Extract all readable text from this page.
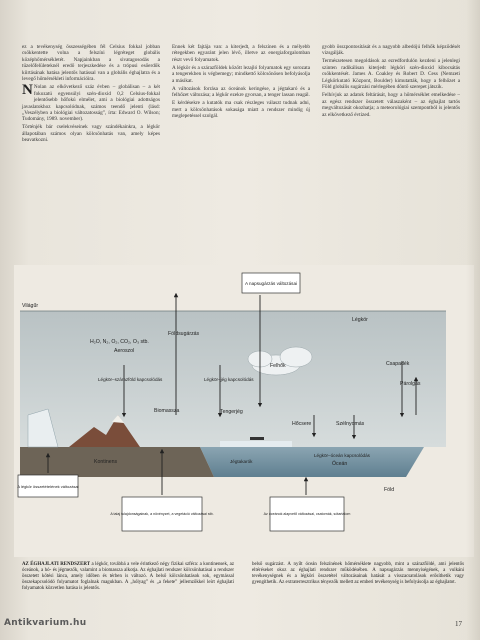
ez a tevékenység összességében fél Celsius fokkal jobban csökkentette volna a felszíni légréteget globális középhőmérsékletét. Napjainkban a sivatagosodás a tüzelőfelületeknél eredő terjeszkedése és a trópusi esőerdők kiirtásának hatása jelentős hatással van a globális éghajlatra és a levegő hőmérsékleti információira.

N Nolan az elkövetkező száz évben – globálisan – a két fokozatú egyensúlyi szén-dioxid 0,2 Celsius-fokkal jelentősebb hőfokú elmélet, ami a biológiai adottságos javaslatokhoz kapcsolódnak, számos teendő jelenti (lásd: „Veszélyben a biológiai változatosság”, írta: Edward O. Wilson; Tudomány, 1989. november).

Történjék bár cselekvéseinek vagy szándékainkra, a légkör állapotában számos olyan kölcsönhatás van, amely képes beavatkozni.

Ennek két fajtája van: a kiterjedt, a felszínen és a mélyebb rétegekben egyaránt jelen lévő, illetve az energiaforgalomban részt vevő folyamatok.

A légkör és a szárazföldek között lezajló folyamatok egy sorozata a tengerekben is végbemegy; mindkettő kölcsönösen befolyásolja a másikat.

A változások forrása az óceánok keringése, a jégtakaró és a felhőzet változása; a légkör ezekre gyorsan, a tenger lassan reagál.

E kérdésekre a kutatók ma csak részleges választ tudnak adni, mert a kölcsönhatások sokasága miatt a rendszer mindig új meglepetéssel szolgál.

gyobb összpontosítását és a nagyobb albedójú felhők képződését vizsgálják.

Természetesen megoldások az ezredfordulón kezdeni a jelenlegi szinten radikálisan kiterjedt légköri szén-dioxid kibocsátás csökkentését. James A. Coakley és Robert D. Cess (Nemzeti Légkörkutató Központ, Boulder) kimutatták, hogy a felhőzet a Föld globális sugárzási mérlegében döntő szerepet játszik.

Felhívjuk az adatok feltárását, hogy a hőmérséklet emelkedése – az egész rendszer összetett válaszaként – az éghajlat tartós megváltozását okozhatja; a meteorológiai szempontból is jelentős az elkövetkező évtized.

Világűr
Légkör
H₂O, N₂, O₂, CO₂, O₃ stb.
Aeroszol
Felhők	Csapadék
Párolgás
Földsugárzás
Biomassza	Tengerjég
Szélnyomás
Hőcsere
Kontinens	Óceán
Föld
Légkör–szárazföld kapcsolódás	Légkör–jég kapcsolódás
Légkör–óceán kapcsolódás
Jégtakarók
A napsugárzás változásai
A légkör összetételének változásai
A talaj tulajdonságainak, a növényzet, a vegetáció változásai stb.	Az óceánok alapvető változásai, csatornák, sótartalom
AZ ÉGHAJLATI RENDSZERT a légkör, továbbá a vele érintkező négy fizikai szféra: a kontinensek, az óceánok, a hó- és jégmezők, valamint a biomassza alkotja. Az éghajlati rendszer kölcsönhatásai a rendszer összetett kötési lánca, amely időben és térben is változó. A belső kölcsönhatások sok, egymással összekapcsolódó folyamatot foglalnak magukban. A „hólyag” és „a fekete” jellemzőkkel leírt éghajlati folyamatok közvetlen hatása is jelentős.
belső sugárzást. A nyílt óceán felszínének hőmérséklete nagyobb, mint a szárazföldé, ami jelentős eltéréseket okoz az éghajlati rendszer működésében. A napsugárzás mennyiségének, a vulkáni tevékenységnek és a légköri összetétel változásainak hatását a visszacsatolások erősíthetik vagy gyengíthetik. Az extraterresztrikus tényezők mellett az emberi tevékenység is befolyásolja az éghajlatot.
17
Antikvarium.hu
